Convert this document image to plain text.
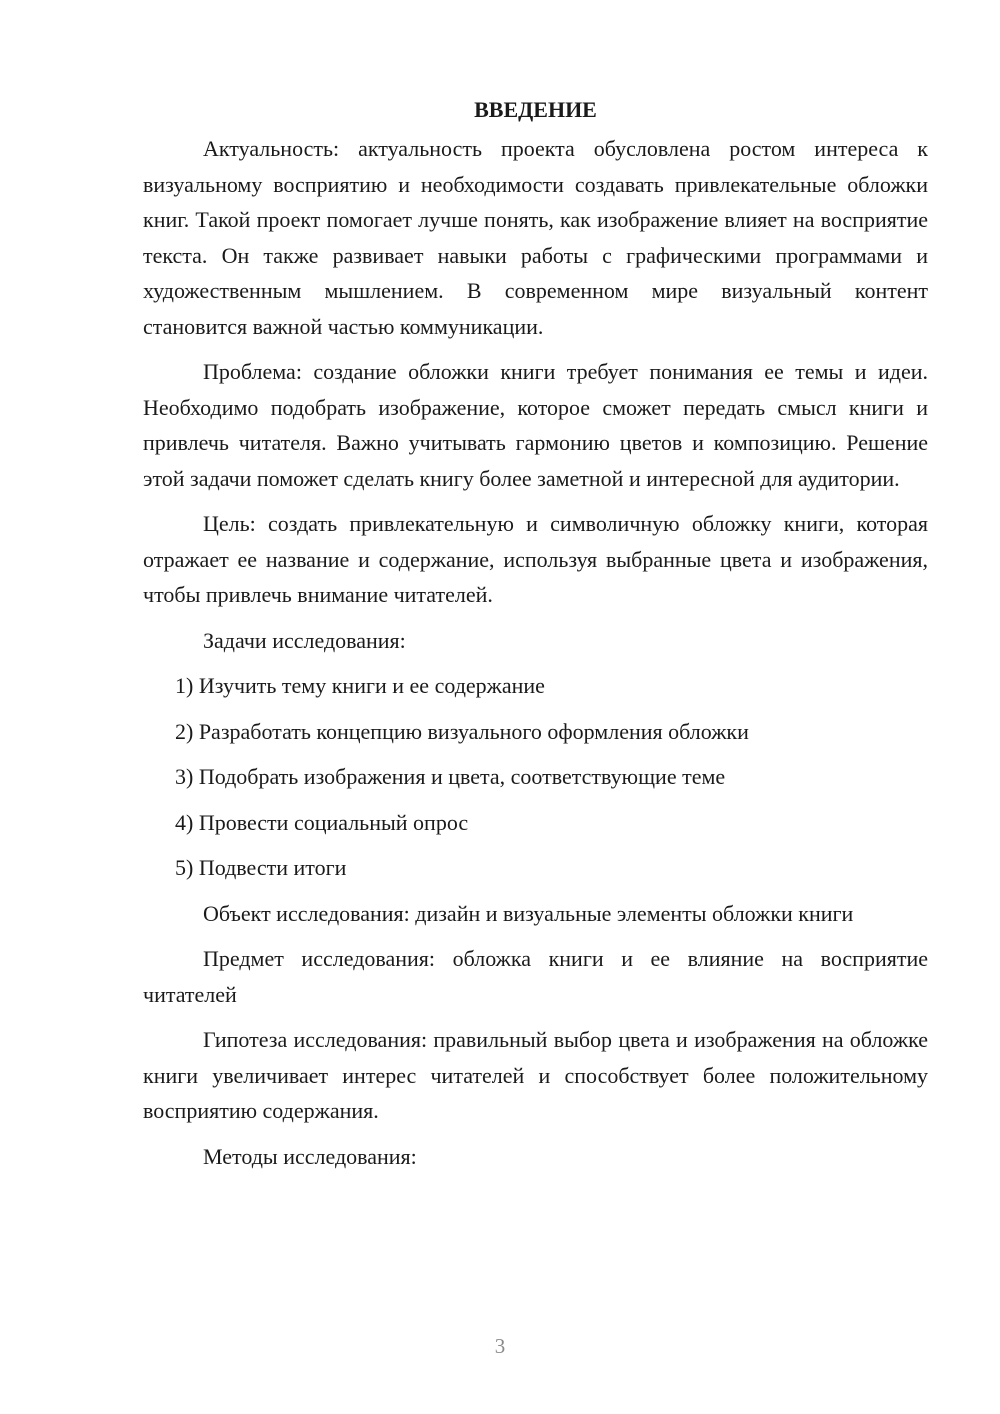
ВВЕДЕНИЕ

Актуальность: актуальность проекта обусловлена ростом интереса к визуальному восприятию и необходимости создавать привлекательные обложки книг. Такой проект помогает лучше понять, как изображение влияет на восприятие текста. Он также развивает навыки работы с графическими программами и художественным мышлением. В современном мире визуальный контент становится важной частью коммуникации.

Проблема: создание обложки книги требует понимания ее темы и идеи. Необходимо подобрать изображение, которое сможет передать смысл книги и привлечь читателя. Важно учитывать гармонию цветов и композицию. Решение этой задачи поможет сделать книгу более заметной и интересной для аудитории.

Цель: создать привлекательную и символичную обложку книги, которая отражает ее название и содержание, используя выбранные цвета и изображения, чтобы привлечь внимание читателей.

Задачи исследования:

1) Изучить тему книги и ее содержание
2) Разработать концепцию визуального оформления обложки
3) Подобрать изображения и цвета, соответствующие теме
4) Провести социальный опрос
5) Подвести итоги

Объект исследования: дизайн и визуальные элементы обложки книги

Предмет исследования: обложка книги и ее влияние на восприятие читателей

Гипотеза исследования: правильный выбор цвета и изображения на обложке книги увеличивает интерес читателей и способствует более положительному восприятию содержания.

Методы исследования:

3
